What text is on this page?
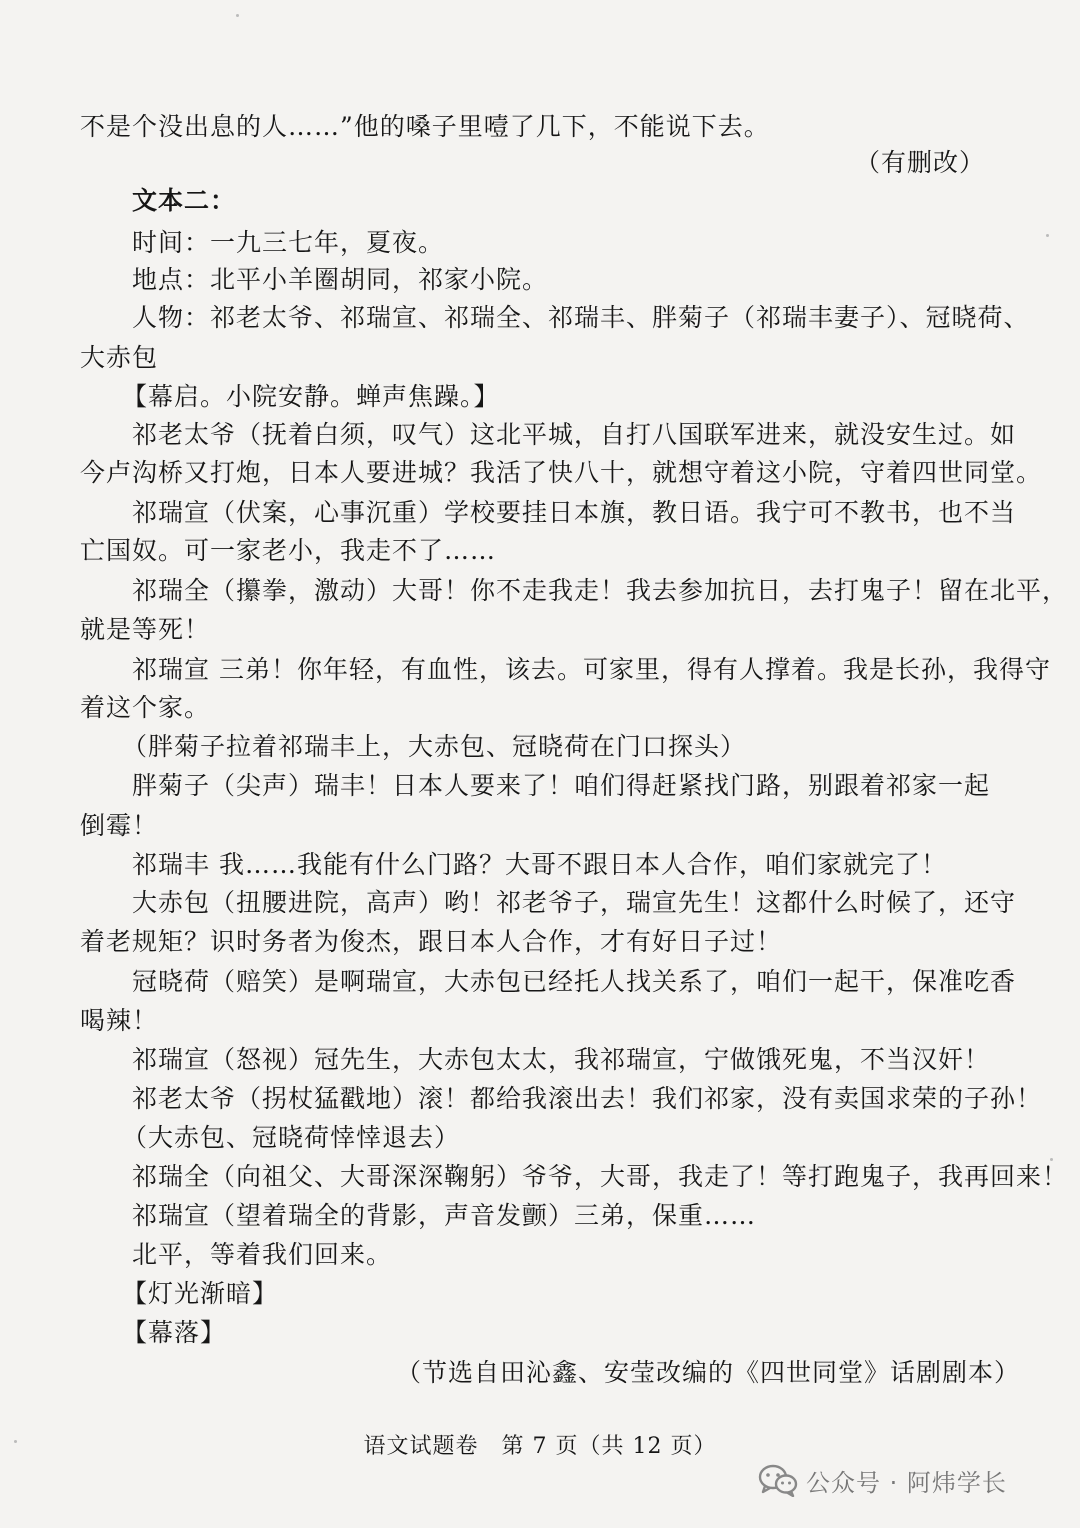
不是个没出息的人……”他的嗓子里噎了几下，不能说下去。
（有删改）
文本二：
时间：一九三七年，夏夜。
地点：北平小羊圈胡同，祁家小院。
人物：祁老太爷、祁瑞宣、祁瑞全、祁瑞丰、胖菊子（祁瑞丰妻子）、冠晓荷、
大赤包
【幕启。小院安静。蝉声焦躁。】
祁老太爷（抚着白须，叹气）这北平城，自打八国联军进来，就没安生过。如
今卢沟桥又打炮，日本人要进城？我活了快八十，就想守着这小院，守着四世同堂。
祁瑞宣（伏案，心事沉重）学校要挂日本旗，教日语。我宁可不教书，也不当
亡国奴。可一家老小，我走不了……
祁瑞全（攥拳，激动）大哥！你不走我走！我去参加抗日，去打鬼子！留在北平，
就是等死！
祁瑞宣 三弟！你年轻，有血性，该去。可家里，得有人撑着。我是长孙，我得守
着这个家。
（胖菊子拉着祁瑞丰上，大赤包、冠晓荷在门口探头）
胖菊子（尖声）瑞丰！日本人要来了！咱们得赶紧找门路，别跟着祁家一起
倒霉！
祁瑞丰 我……我能有什么门路？大哥不跟日本人合作，咱们家就完了！
大赤包（扭腰进院，高声）哟！祁老爷子，瑞宣先生！这都什么时候了，还守
着老规矩？识时务者为俊杰，跟日本人合作，才有好日子过！
冠晓荷（赔笑）是啊瑞宣，大赤包已经托人找关系了，咱们一起干，保准吃香
喝辣！
祁瑞宣（怒视）冠先生，大赤包太太，我祁瑞宣，宁做饿死鬼，不当汉奸！
祁老太爷（拐杖猛戳地）滚！都给我滚出去！我们祁家，没有卖国求荣的子孙！
（大赤包、冠晓荷悻悻退去）
祁瑞全（向祖父、大哥深深鞠躬）爷爷，大哥，我走了！等打跑鬼子，我再回来！
祁瑞宣（望着瑞全的背影，声音发颤）三弟，保重……
北平，等着我们回来。
【灯光渐暗】
【幕落】
（节选自田沁鑫、安莹改编的《四世同堂》话剧剧本）
语文试题卷　第 7 页（共 12 页）
公众号 · 阿炜学长
